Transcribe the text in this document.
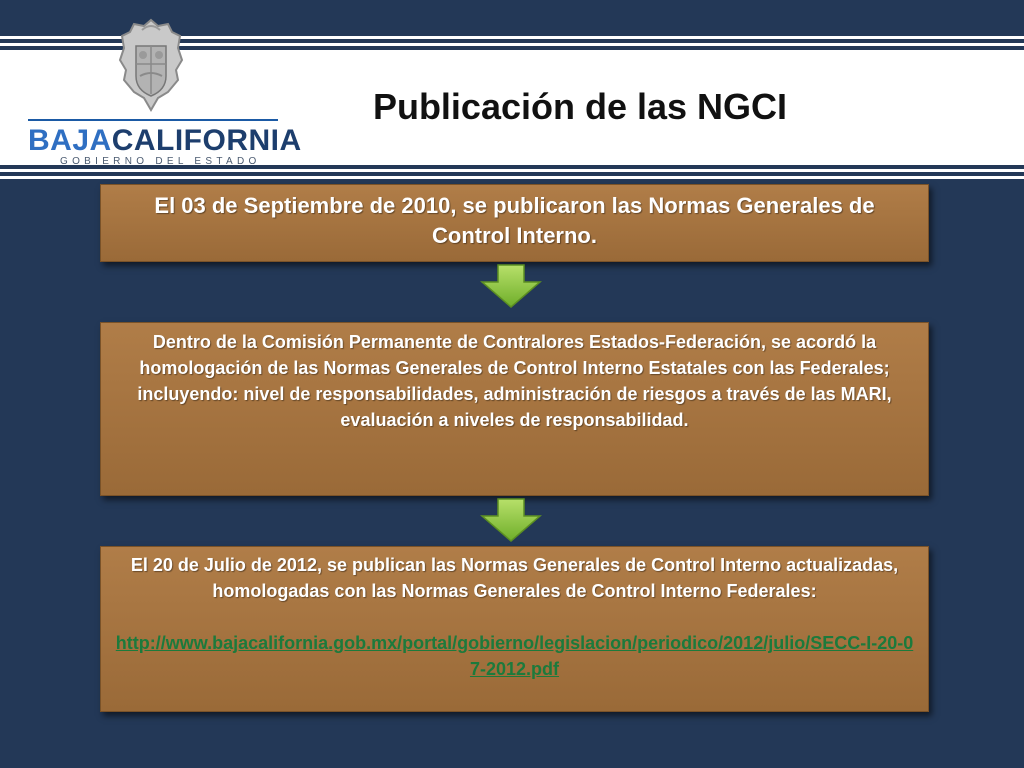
BAJACALIFORNIA
GOBIERNO DEL ESTADO
Publicación de las NGCI
El 03 de Septiembre de 2010, se publicaron las Normas Generales de Control Interno.
Dentro de la Comisión Permanente de Contralores Estados-Federación, se acordó la homologación de las Normas Generales de Control Interno Estatales con las Federales; incluyendo: nivel de responsabilidades, administración de riesgos a través de las MARI, evaluación a niveles de responsabilidad.
El 20 de Julio de 2012, se publican las Normas Generales de Control Interno actualizadas, homologadas con las Normas Generales de Control Interno Federales:
http://www.bajacalifornia.gob.mx/portal/gobierno/legislacion/periodico/2012/julio/SECC-I-20-07-2012.pdf
